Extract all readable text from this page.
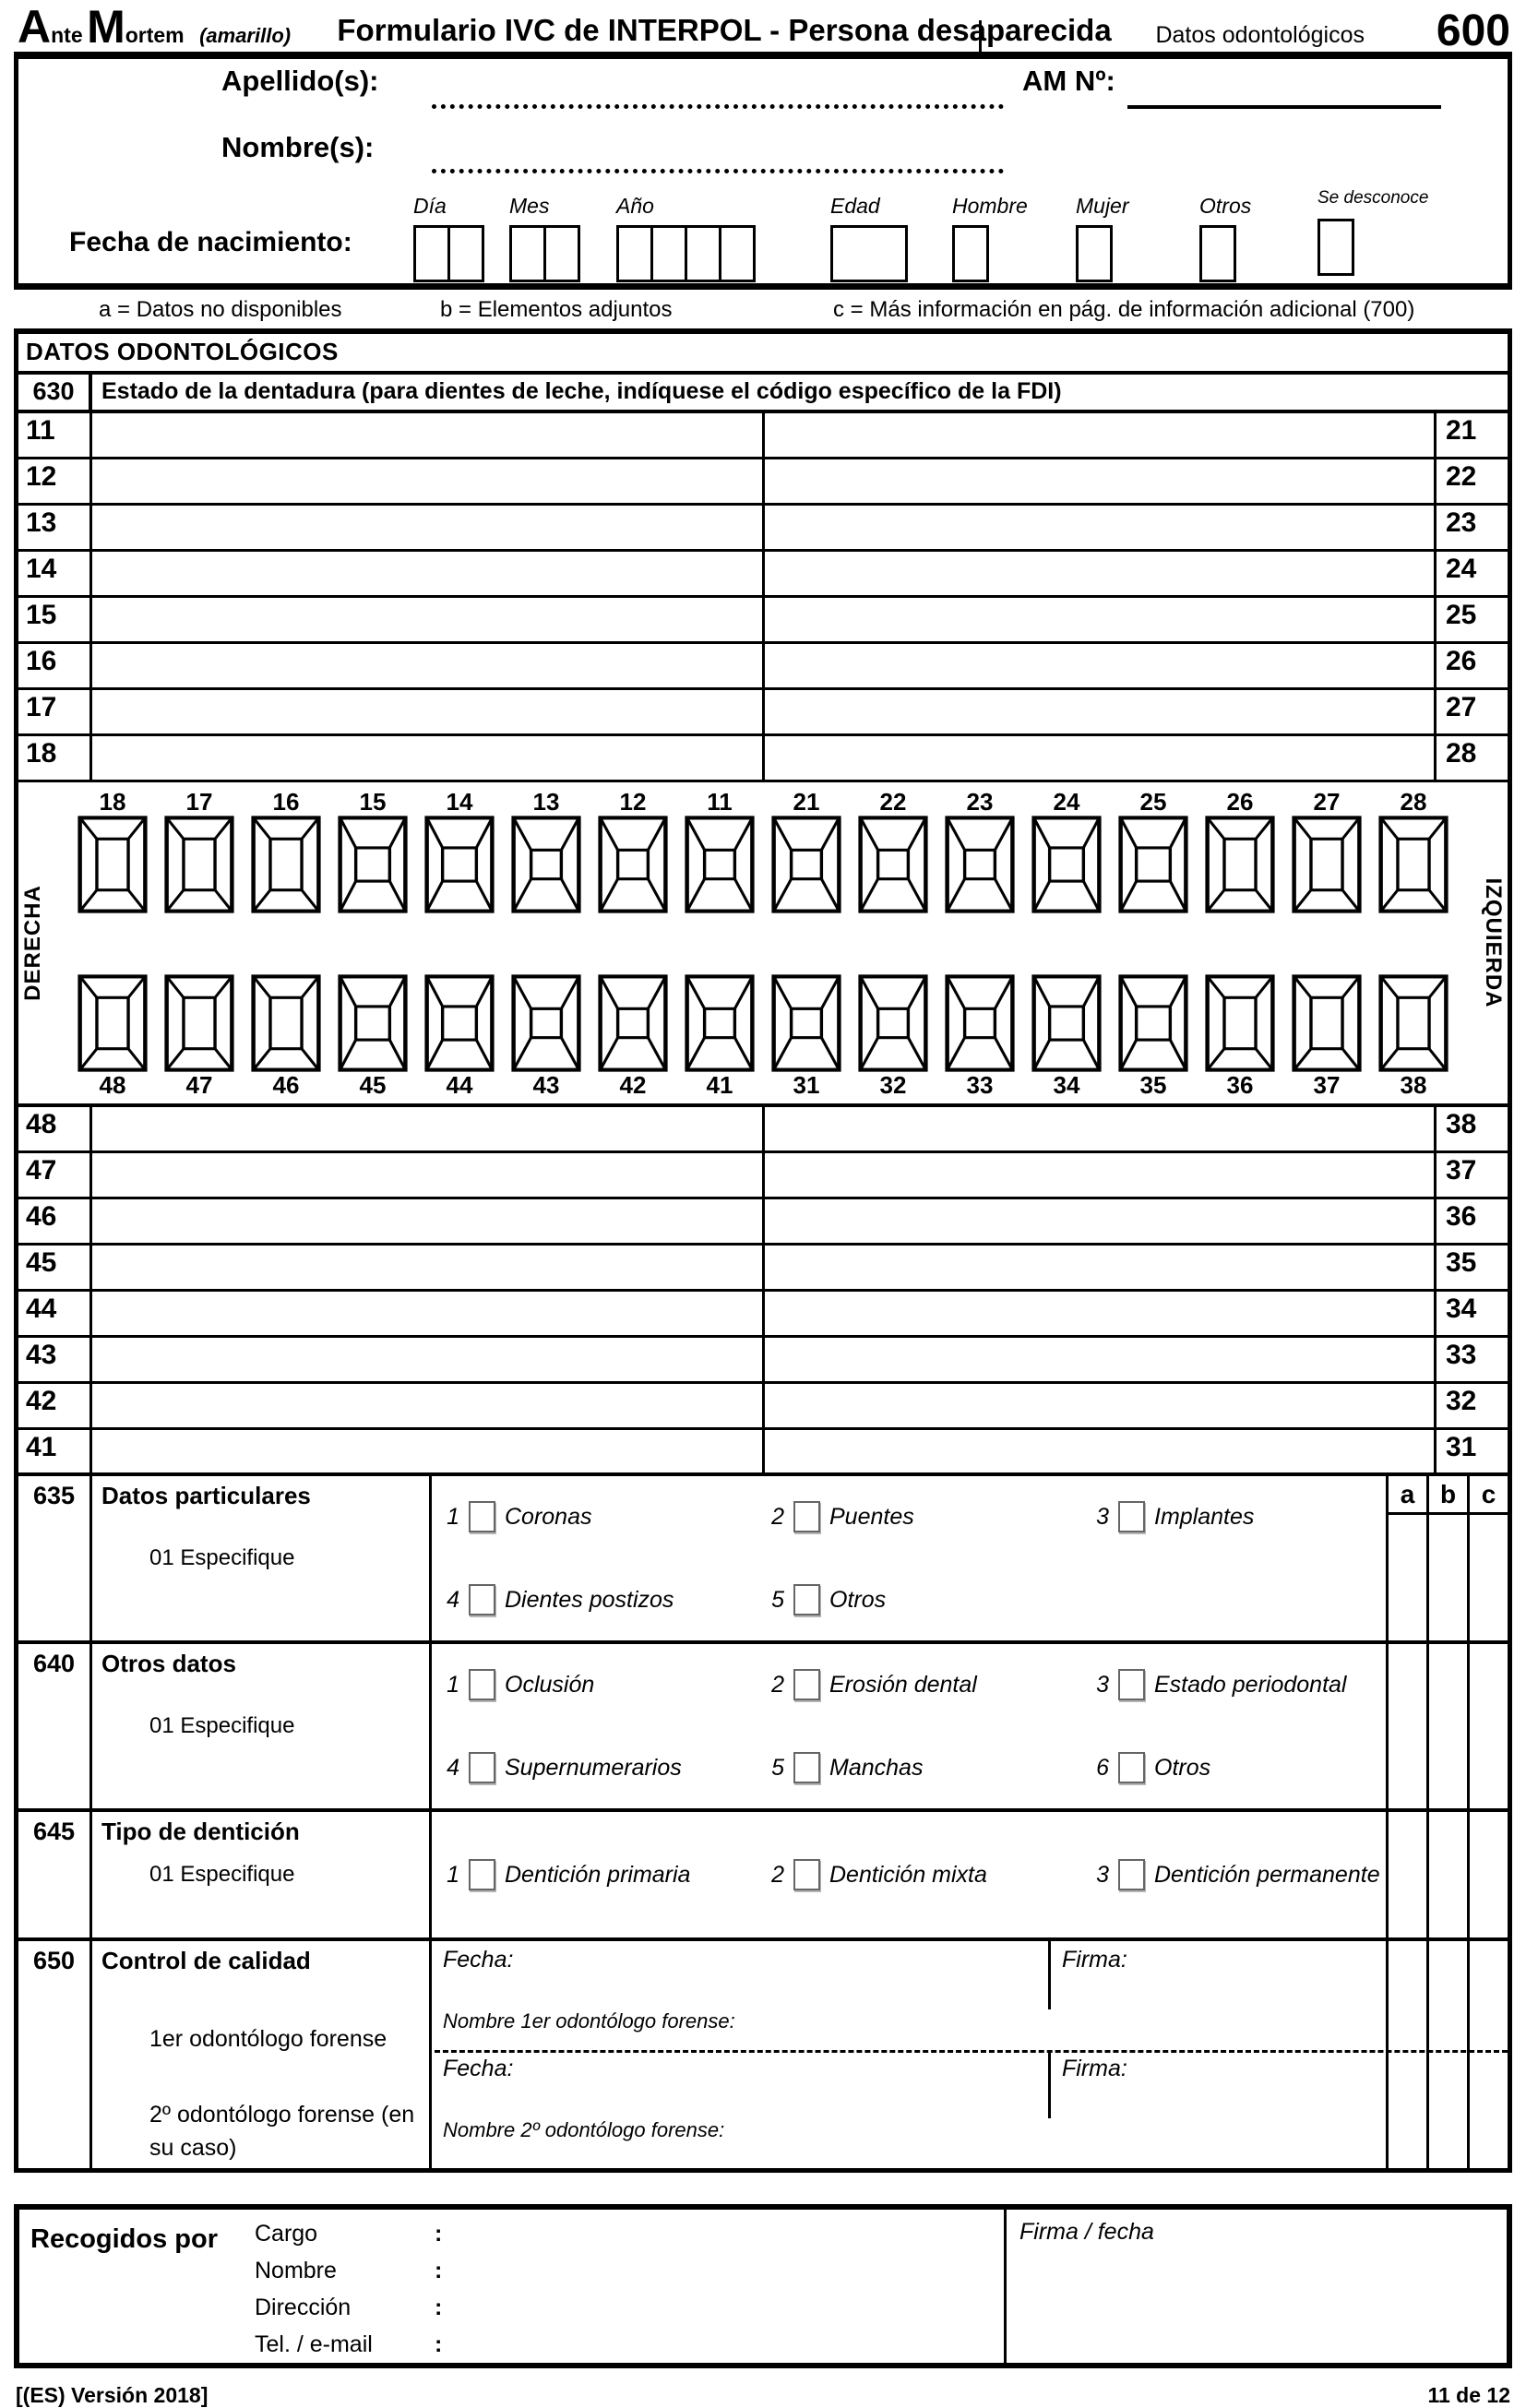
Ante Mortem (amarillo) Formulario IVC de INTERPOL - Persona desaparecida Datos odontológicos 600
Apellido(s):	AM Nº:
Nombre(s):
Fecha de nacimiento:
Día	Mes	Año	Edad	Hombre Mujer	Otros	Se desconoce
a = Datos no disponibles	b = Elementos adjuntos	c = Más información en pág. de información adicional (700)
DATOS ODONTOLÓGICOS
630	Estado de la dentadura (para dientes de leche, indíquese el código específico de la FDI)
11	21
12	22
13	23
14	24
15	25
16	26
17	27
18	28
DERECHA	IZQUIERDA
18	17	16	15	14	13	12	11
48	47	46	45	44	43	42	41
21	22	23	24	25	26	27	28
31	32	33	34	35	36	37	38
48	38
47	37
46	36
45	35
44	34
43	33
42	32
41	31
635	Datos particulares
01 Especifique
1 Coronas	2 Puentes	3 Implantes
4 Dientes postizos	5 Otros
a b c
640	Otros datos
01 Especifique
1 Oclusión	2 Erosión dental	3 Estado periodontal
4 Supernumerarios	5 Manchas	6 Otros
645	Tipo de dentición
01 Especifique	1 Dentición primaria	2 Dentición mixta	3 Dentición permanente
650	Control de calidad
1er odontólogo forense
2º odontólogo forense (en su caso)
Fecha:	Firma:
Nombre 1er odontólogo forense:
Fecha:	Firma:
Nombre 2º odontólogo forense:
Recogidos por Cargo	:
Nombre	:
Dirección	:
Tel. / e-mail	:
Firma / fecha
[(ES) Versión 2018]	11 de 12
